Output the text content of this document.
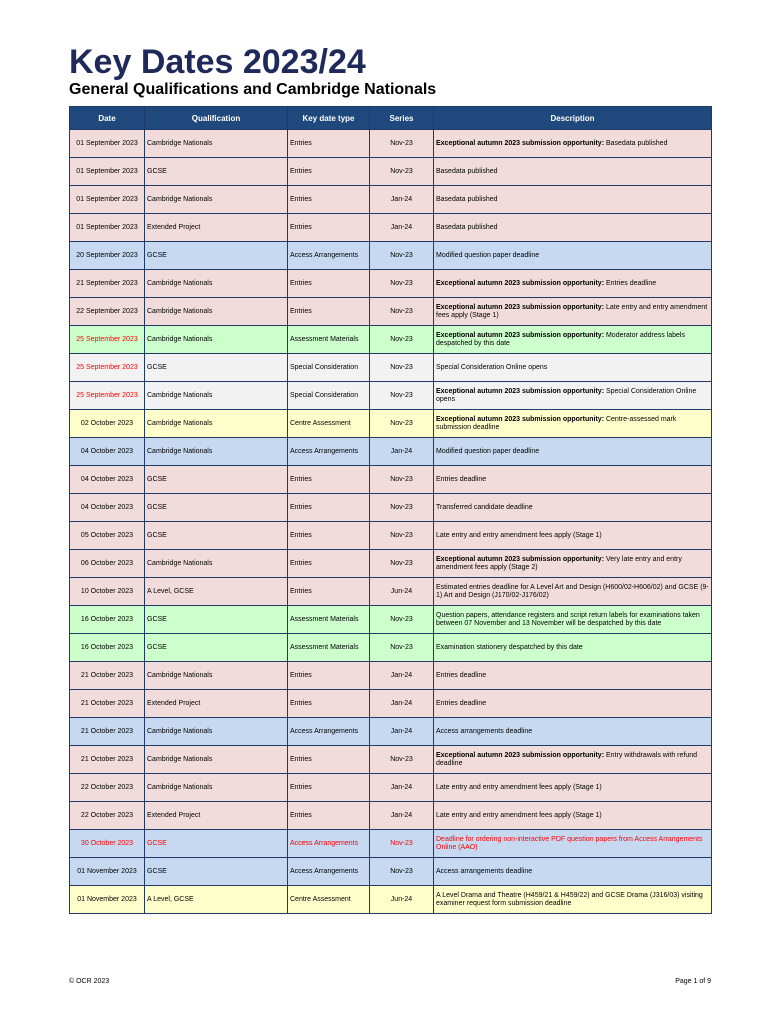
Key Dates 2023/24
General Qualifications and Cambridge Nationals
Date	Qualification	Key date type	Series	Description
01 September 2023	Cambridge Nationals	Entries	Nov-23	Exceptional autumn 2023 submission opportunity: Basedata published
01 September 2023	GCSE	Entries	Nov-23	Basedata published
01 September 2023	Cambridge Nationals	Entries	Jan-24	Basedata published
01 September 2023	Extended Project	Entries	Jan-24	Basedata published
20 September 2023	GCSE	Access Arrangements	Nov-23	Modified question paper deadline
21 September 2023	Cambridge Nationals	Entries	Nov-23	Exceptional autumn 2023 submission opportunity: Entries deadline
22 September 2023	Cambridge Nationals	Entries	Nov-23	Exceptional autumn 2023 submission opportunity: Late entry and entry amendment fees apply (Stage 1)
25 September 2023	Cambridge Nationals	Assessment Materials	Nov-23	Exceptional autumn 2023 submission opportunity: Moderator address labels despatched by this date
25 September 2023	GCSE	Special Consideration	Nov-23	Special Consideration Online opens
25 September 2023	Cambridge Nationals	Special Consideration	Nov-23	Exceptional autumn 2023 submission opportunity: Special Consideration Online opens
02 October 2023	Cambridge Nationals	Centre Assessment	Nov-23	Exceptional autumn 2023 submission opportunity: Centre-assessed mark submission deadline
04 October 2023	Cambridge Nationals	Access Arrangements	Jan-24	Modified question paper deadline
04 October 2023	GCSE	Entries	Nov-23	Entries deadline
04 October 2023	GCSE	Entries	Nov-23	Transferred candidate deadline
05 October 2023	GCSE	Entries	Nov-23	Late entry and entry amendment fees apply (Stage 1)
06 October 2023	Cambridge Nationals	Entries	Nov-23	Exceptional autumn 2023 submission opportunity: Very late entry and entry amendment fees apply (Stage 2)
10 October 2023	A Level, GCSE	Entries	Jun-24	Estimated entries deadline for A Level Art and Design (H600/02-H606/02) and GCSE (9-1) Art and Design (J170/02-J176/02)
16 October 2023	GCSE	Assessment Materials	Nov-23	Question papers, attendance registers and script return labels for examinations taken between 07 November and 13 November will be despatched by this date
16 October 2023	GCSE	Assessment Materials	Nov-23	Examination stationery despatched by this date
21 October 2023	Cambridge Nationals	Entries	Jan-24	Entries deadline
21 October 2023	Extended Project	Entries	Jan-24	Entries deadline
21 October 2023	Cambridge Nationals	Access Arrangements	Jan-24	Access arrangements deadline
21 October 2023	Cambridge Nationals	Entries	Nov-23	Exceptional autumn 2023 submission opportunity: Entry withdrawals with refund deadline
22 October 2023	Cambridge Nationals	Entries	Jan-24	Late entry and entry amendment fees apply (Stage 1)
22 October 2023	Extended Project	Entries	Jan-24	Late entry and entry amendment fees apply (Stage 1)
30 October 2023	GCSE	Access Arrangements	Nov-23	Deadline for ordering non-interactive PDF question papers from Access Arrangements Online (AAO)
01 November 2023	GCSE	Access Arrangements	Nov-23	Access arrangements deadline
01 November 2023	A Level, GCSE	Centre Assessment	Jun-24	A Level Drama and Theatre (H459/21 & H459/22) and GCSE Drama (J316/03) visiting examiner request form submission deadline
© OCR 2023	Page 1 of 9
